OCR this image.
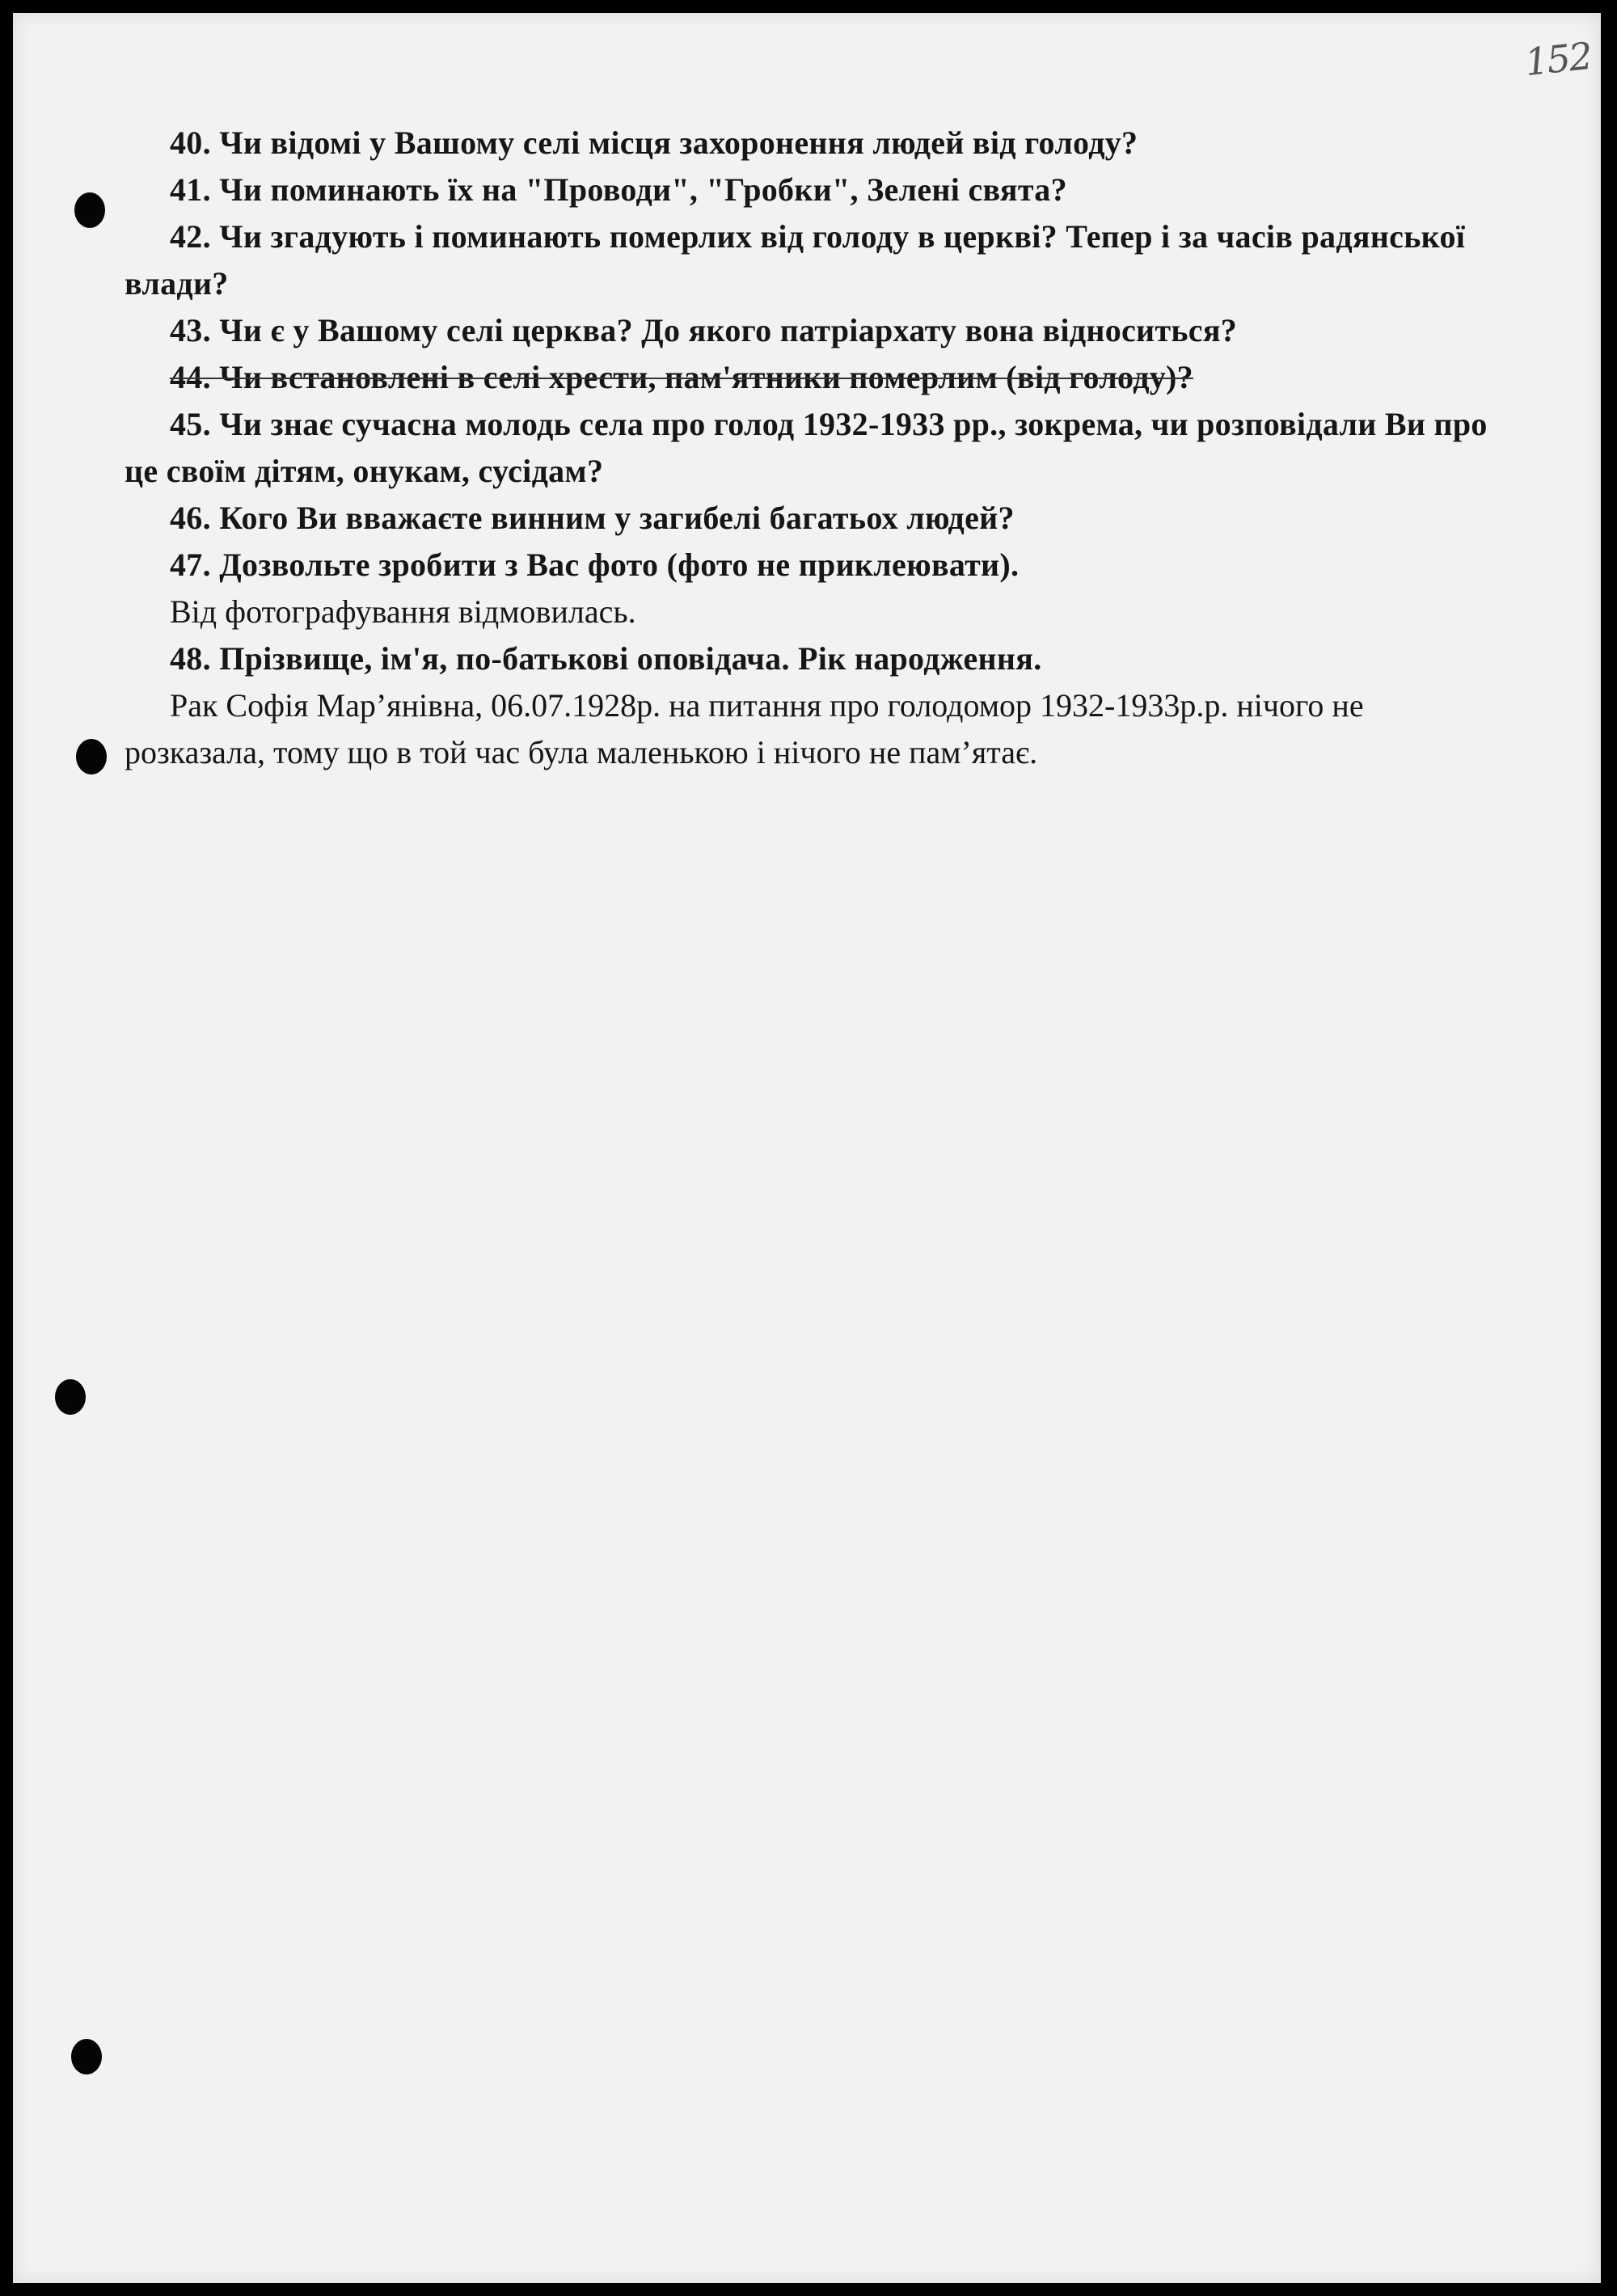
152

40. Чи відомі у Вашому селі місця захоронення людей від голоду?

41. Чи поминають їх на "Проводи", "Гробки", Зелені свята?

42. Чи згадують і поминають померлих від голоду в церкві? Тепер і за часів радянської влади?

43. Чи є у Вашому селі церква? До якого патріархату вона відноситься?

44. Чи встановлені в селі хрести, пам'ятники померлим (від голоду)?

45. Чи знає сучасна молодь села про голод 1932-1933 рр., зокрема, чи розповідали Ви про це своїм дітям, онукам, сусідам?

46. Кого Ви вважаєте винним у загибелі багатьох людей?

47. Дозвольте зробити з Вас фото (фото не приклеювати).

Від фотографування відмовилась.

48. Прізвище, ім'я, по-батькові оповідача. Рік народження.

Рак Софія Мар’янівна, 06.07.1928р. на питання про голодомор 1932-1933р.р. нічого не розказала, тому що в той час була маленькою і нічого не пам’ятає.
